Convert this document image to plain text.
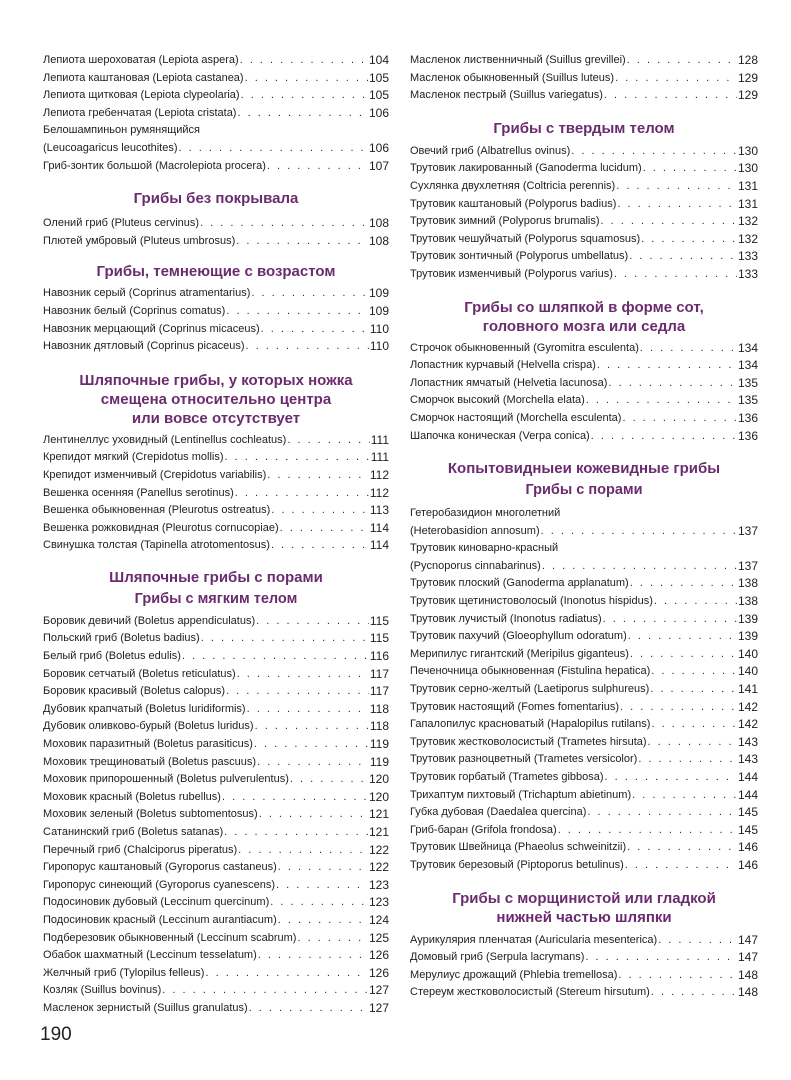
Лепиота шероховатая (Lepiota aspera) . . .	104
Лепиота каштановая (Lepiota castanea) . . .	105
Лепиота щитковая (Lepiota clypeolaria) . . .	105
Лепиота гребенчатая (Lepiota cristata) . . .	106
Белошампиньон румянящийся
(Leucoagaricus leucothites) . . .	106
Гриб-зонтик большой (Macrolepiota procera) . . .	107
Грибы без покрывала
Олений гриб (Pluteus cervinus) . . .	108
Плютей умбровый (Pluteus umbrosus) . . .	108
Грибы, темнеющие с возрастом
Навозник серый (Coprinus atramentarius) . . .	109
Навозник белый (Coprinus comatus) . . .	109
Навозник мерцающий (Coprinus micaceus) . . .	110
Навозник дятловый (Coprinus picaceus) . . .	110
Шляпочные грибы, у которых ножка
смещена относительно центра
или вовсе отсутствует
Лентинеллус уховидный (Lentinellus cochleatus) . . .	111
Крепидот мягкий (Crepidotus mollis) . . .	111
Крепидот изменчивый (Crepidotus variabilis) . . .	112
Вешенка осенняя (Panellus serotinus) . . .	112
Вешенка обыкновенная (Pleurotus ostreatus) . . .	113
Вешенка рожковидная (Pleurotus cornucopiae) . . .	114
Свинушка толстая (Tapinella atrotomentosus) . . .	114
Шляпочные грибы с порами
Грибы с мягким телом
Боровик девичий (Boletus appendiculatus) . . .	115
Польский гриб (Boletus badius) . . .	115
Белый гриб (Boletus edulis) . . .	116
Боровик сетчатый (Boletus reticulatus) . . .	117
Боровик красивый (Boletus calopus) . . .	117
Дубовик крапчатый (Boletus luridiformis) . . .	118
Дубовик оливково-бурый (Boletus luridus) . . .	118
Моховик паразитный (Boletus parasiticus) . . .	119
Моховик трещиноватый (Boletus pascuus) . . .	119
Моховик припорошенный (Boletus pulverulentus) . . .	120
Моховик красный (Boletus rubellus) . . .	120
Моховик зеленый (Boletus subtomentosus) . . .	121
Сатанинский гриб (Boletus satanas) . . .	121
Перечный гриб (Chalciporus piperatus) . . .	122
Гиропорус каштановый (Gyroporus castaneus) . . .	122
Гиропорус синеющий (Gyroporus cyanescens) . . .	123
Подосиновик дубовый (Leccinum quercinum) . . .	123
Подосиновик красный (Leccinum aurantiacum) . . .	124
Подберезовик обыкновенный (Leccinum scabrum) . . .	125
Обабок шахматный (Leccinum tesselatum) . . .	126
Желчный гриб (Tylopilus felleus) . . .	126
Козляк (Suillus bovinus) . . .	127
Масленок зернистый (Suillus granulatus) . . .	127
Масленок лиственничный (Suillus grevillei) . . .	128
Масленок обыкновенный (Suillus luteus) . . .	129
Масленок пестрый (Suillus variegatus) . . .	129
Грибы с твердым телом
Овечий гриб (Albatrellus ovinus) . . .	130
Трутовик лакированный (Ganoderma lucidum) . . .	130
Сухлянка двухлетняя (Coltricia perennis) . . .	131
Трутовик каштановый (Polyporus badius) . . .	131
Трутовик зимний (Polyporus brumalis) . . .	132
Трутовик чешуйчатый (Polyporus squamosus) . . .	132
Трутовик зонтичный (Polyporus umbellatus) . . .	133
Трутовик изменчивый (Polyporus varius) . . .	133
Грибы со шляпкой в форме сот,
головного мозга или седла
Строчок обыкновенный (Gyromitra esculenta) . . .	134
Лопастник курчавый (Helvella crispa) . . .	134
Лопастник ямчатый (Helvetia lacunosa) . . .	135
Сморчок высокий (Morchella elata) . . .	135
Сморчок настоящий (Morchella esculenta) . . .	136
Шапочка коническая (Verpa conica) . . .	136
Копытовидныеи кожевидные грибы
Грибы с порами
Гетеробазидион многолетний
(Heterobasidion annosum) . . .	137
Трутовик киноварно-красный
(Pycnoporus cinnabarinus) . . .	137
Трутовик плоский (Ganoderma applanatum) . . .	138
Трутовик щетинистоволосый (Inonotus hispidus) . . .	138
Трутовик лучистый (Inonotus radiatus) . . .	139
Трутовик пахучий (Gloeophyllum odoratum) . . .	139
Мерипилус гигантский (Meripilus giganteus) . . .	140
Печеночница обыкновенная (Fistulina hepatica) . . .	140
Трутовик серно-желтый (Laetiporus sulphureus) . . .	141
Трутовик настоящий (Fomes fomentarius) . . .	142
Гапалопилус красноватый (Hapalopilus rutilans) . . .	142
Трутовик жестковолосистый (Trametes hirsuta) . . .	143
Трутовик разноцветный (Trametes versicolor) . . .	143
Трутовик горбатый (Trametes gibbosa) . . .	144
Трихаптум пихтовый (Trichaptum abietinum) . . .	144
Губка дубовая (Daedalea quercina) . . .	145
Гриб-баран (Grifola frondosa) . . .	145
Трутовик Швейница (Phaeolus schweinitzii) . . .	146
Трутовик березовый (Piptoporus betulinus) . . .	146
Грибы с морщинистой или гладкой
нижней частью шляпки
Аурикулярия пленчатая (Auricularia mesenterica) . . .	147
Домовый гриб (Serpula lacrymans) . . .	147
Мерулиус дрожащий (Phlebia tremellosa) . . .	148
Стереум жестковолосистый (Stereum hirsutum) . . .	148
190
